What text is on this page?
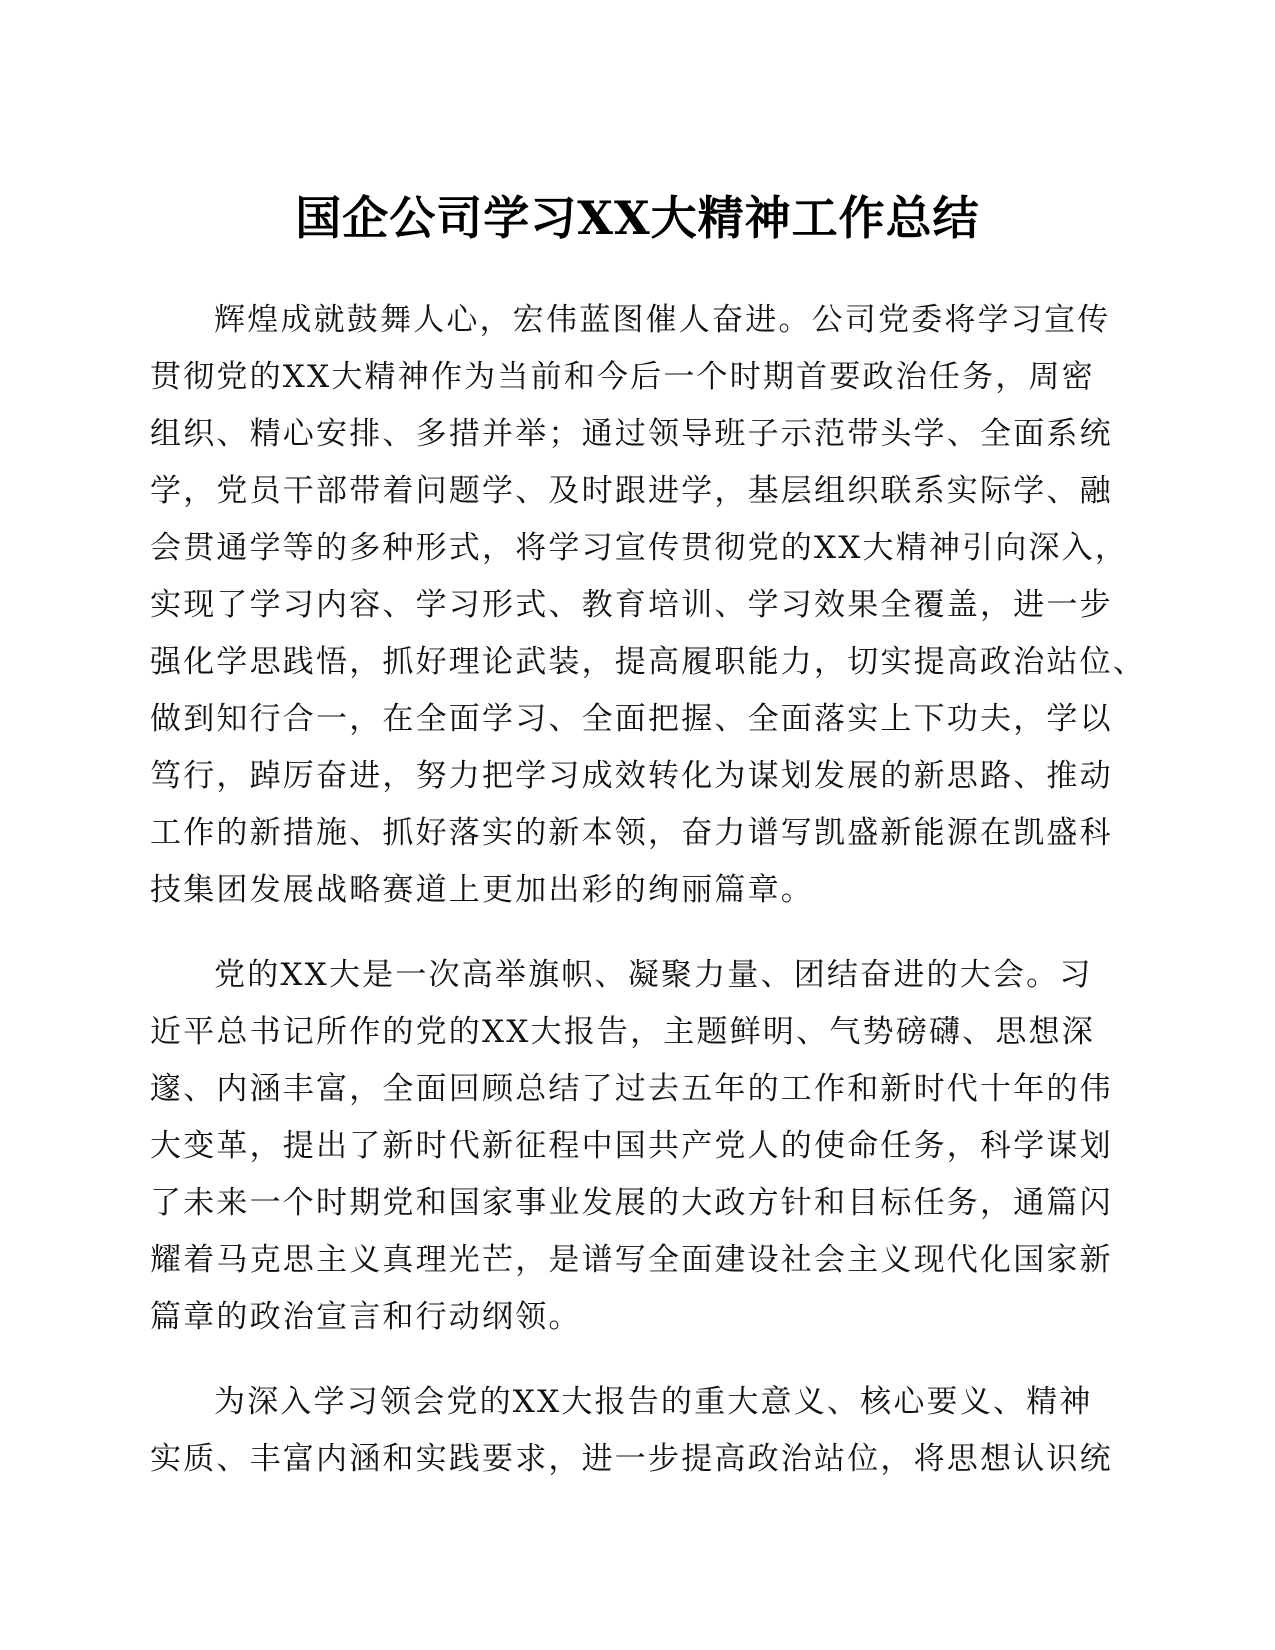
国企公司学习XX大精神工作总结
辉煌成就鼓舞人心，宏伟蓝图催人奋进。公司党委将学习宣传
贯彻党的XX大精神作为当前和今后一个时期首要政治任务，周密
组织、精心安排、多措并举；通过领导班子示范带头学、全面系统
学，党员干部带着问题学、及时跟进学，基层组织联系实际学、融
会贯通学等的多种形式，将学习宣传贯彻党的XX大精神引向深入，
实现了学习内容、学习形式、教育培训、学习效果全覆盖，进一步
强化学思践悟，抓好理论武装，提高履职能力，切实提高政治站位、
做到知行合一，在全面学习、全面把握、全面落实上下功夫，学以
笃行，踔厉奋进，努力把学习成效转化为谋划发展的新思路、推动
工作的新措施、抓好落实的新本领，奋力谱写凯盛新能源在凯盛科
技集团发展战略赛道上更加出彩的绚丽篇章。
党的XX大是一次高举旗帜、凝聚力量、团结奋进的大会。习
近平总书记所作的党的XX大报告，主题鲜明、气势磅礴、思想深
邃、内涵丰富，全面回顾总结了过去五年的工作和新时代十年的伟
大变革，提出了新时代新征程中国共产党人的使命任务，科学谋划
了未来一个时期党和国家事业发展的大政方针和目标任务，通篇闪
耀着马克思主义真理光芒，是谱写全面建设社会主义现代化国家新
篇章的政治宣言和行动纲领。
为深入学习领会党的XX大报告的重大意义、核心要义、精神
实质、丰富内涵和实践要求，进一步提高政治站位，将思想认识统
